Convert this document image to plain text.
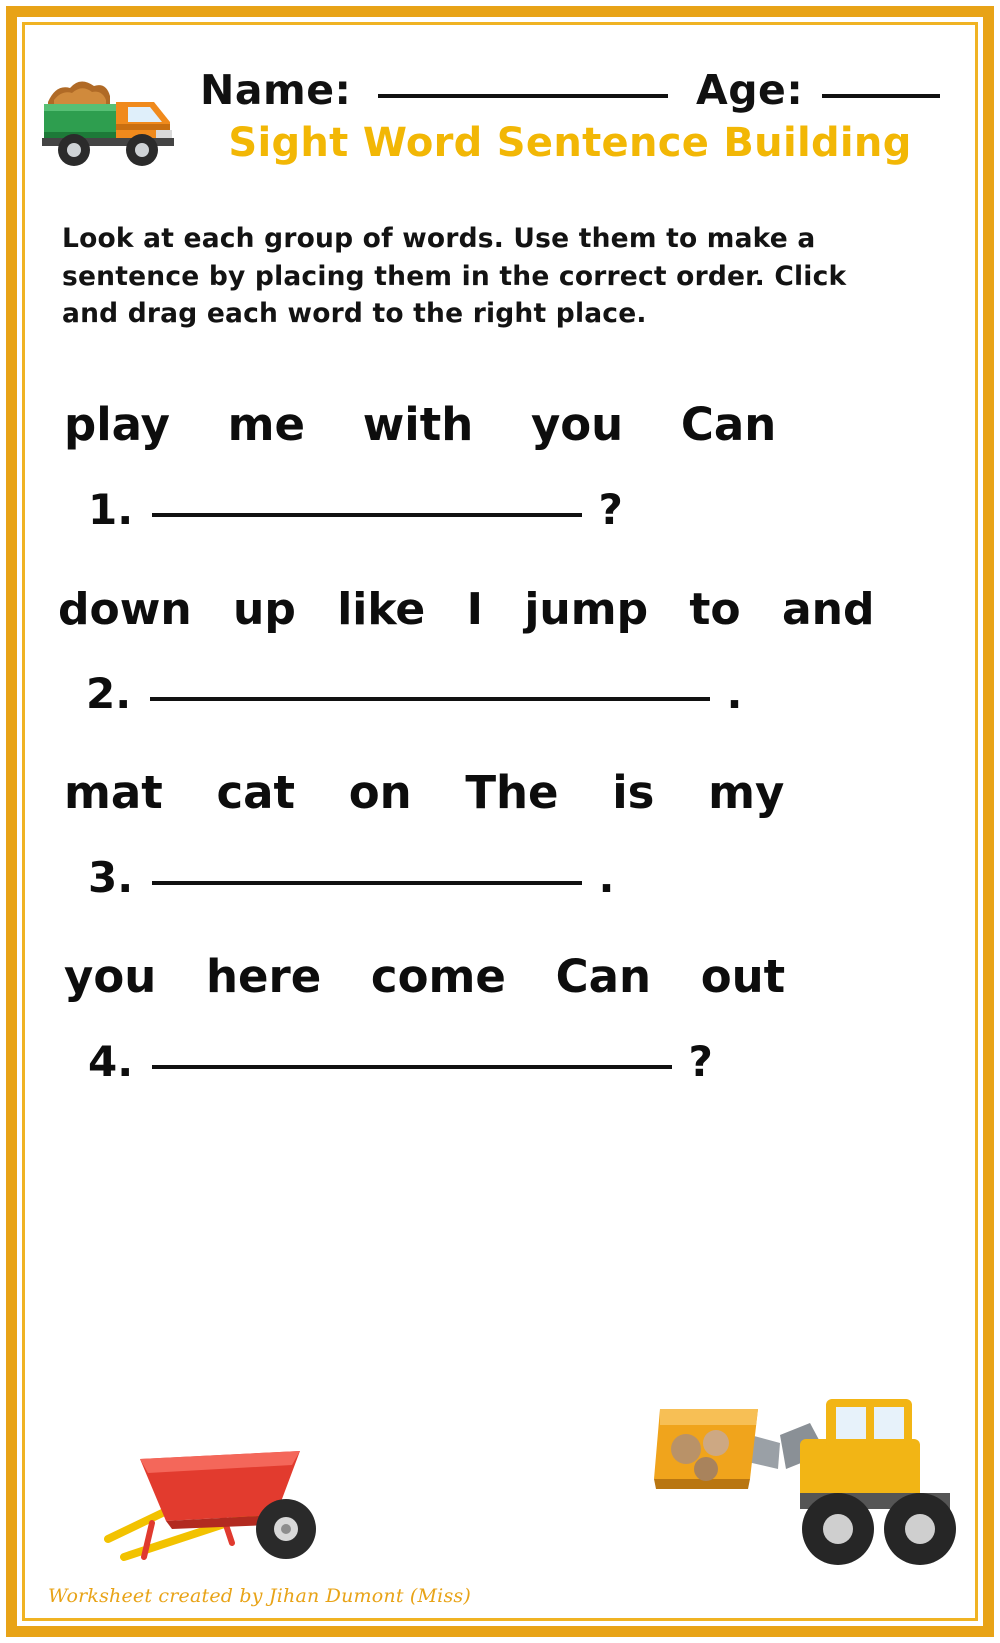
Name:	Age:
Sight Word Sentence Building
Look at each group of words. Use them to make a sentence by placing them in the correct order. Click and drag each word to the right place.
play me with you Can
1.	?
down up like I jump to and
2.	.
mat cat on The is my
3.	.
you here come Can out
4.	?
Worksheet created by Jihan Dumont (Miss)
